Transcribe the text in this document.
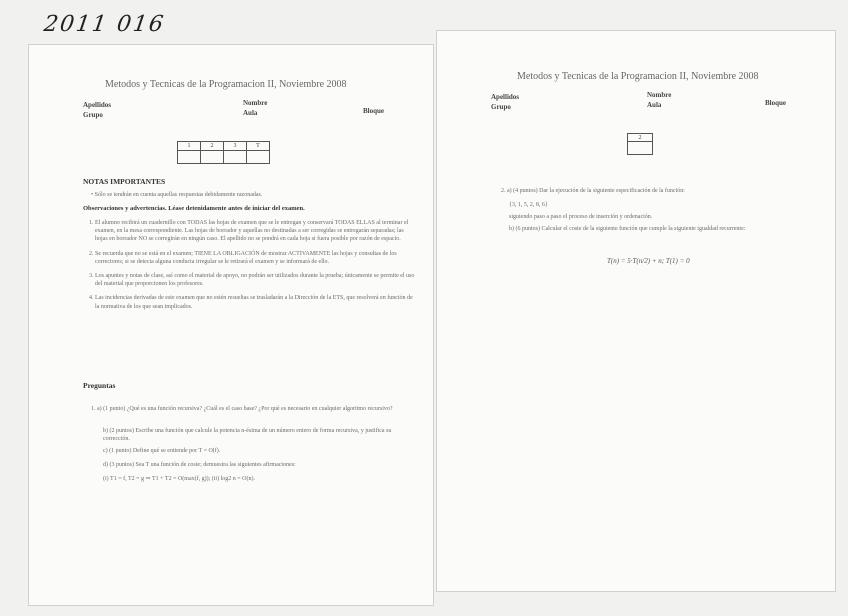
2011 016
Metodos y Tecnicas de la Programacion II, Noviembre 2008
Apellidos
Grupo
Nombre
Aula	Bloque
1	2	3	T

NOTAS IMPORTANTES
• Sólo se tendrán en cuenta aquellas respuestas debidamente razonadas.
Observaciones y advertencias. Léase detenidamente antes de iniciar del examen.
1. El alumno recibirá un cuadernillo con TODAS las hojas de examen que se le entregan y conservará TODAS ELLAS al terminar el examen, en la mesa correspondiente. Las hojas de borrador y aquellas no destinadas a ser corregidas se entregarán separadas; las hojas en borrador NO se corregirán en ningún caso. El apellido no se pondrá en cada hoja si fuera posible por razón de espacio.
2. Se recuerda que no se está en el examen; TIENE LA OBLIGACIÓN de mostrar ACTIVAMENTE las hojas y consultas de los correctores; si se detecta alguna conducta irregular se le retirará el examen y se informará de ello.
3. Los apuntes y notas de clase, así como el material de apoyo, no podrán ser utilizados durante la prueba; únicamente se permite el uso del material que proporcionen los profesores.
4. Las incidencias derivadas de este examen que no estén resueltas se trasladarán a la Dirección de la ETS, que resolverá en función de la normativa de los que sean implicados.
Preguntas
1. a) (1 punto) ¿Qué es una función recursiva? ¿Cuál es el caso base? ¿Por qué es necesario en cualquier algoritmo recursivo?
b) (2 puntos) Escribe una función que calcule la potencia n-ésima de un número entero de forma recursiva, y justifica su corrección.
c) (1 punto) Define qué se entiende por T = O(f).
d) (3 puntos) Sea T una función de coste; demuestra las siguientes afirmaciones:
(i) T1 = f, T2 = g ⇒ T1 + T2 = O(max(f, g)); (ii) log2 n = O(n).
Metodos y Tecnicas de la Programacion II, Noviembre 2008
Apellidos
Grupo
Nombre
Aula	Bloque
2

2. a) (4 puntos) Dar la ejecución de la siguiente especificación de la función:
{3, 1, 5, 2, 8, 6}
siguiendo paso a paso el proceso de inserción y ordenación.
b) (6 puntos) Calcular el coste de la siguiente función que cumple la siguiente igualdad recurrente:
T(n) = 5·T(n/2) + n; T(1) = 0
